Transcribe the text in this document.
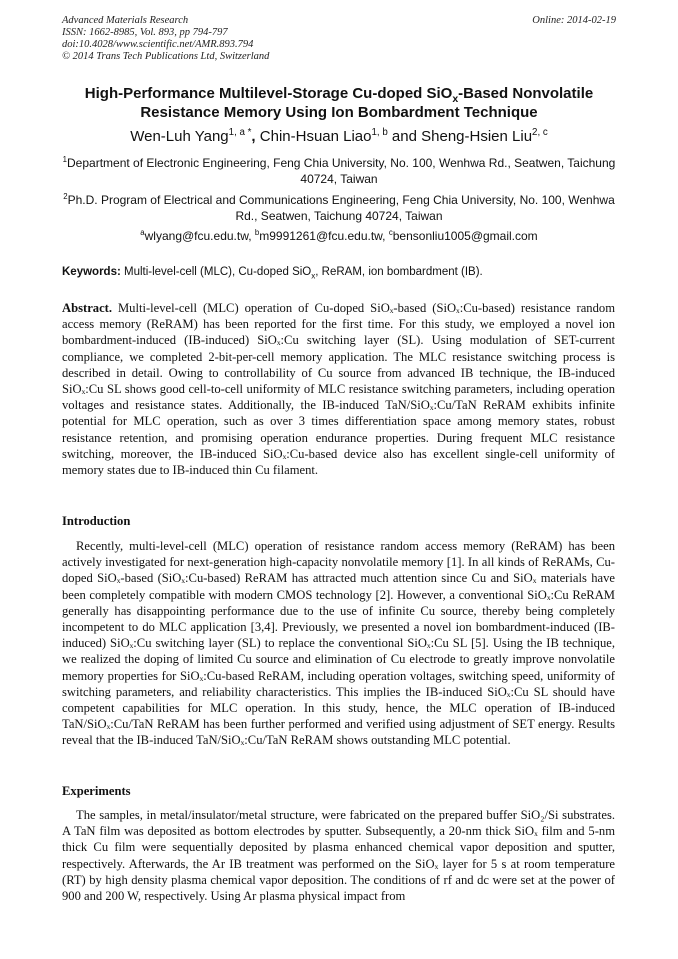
Advanced Materials Research
ISSN: 1662-8985, Vol. 893, pp 794-797
doi:10.4028/www.scientific.net/AMR.893.794
© 2014 Trans Tech Publications Ltd, Switzerland
Online: 2014-02-19
High-Performance Multilevel-Storage Cu-doped SiO$_x$-Based Nonvolatile
Resistance Memory Using Ion Bombardment Technique
Wen-Luh Yang$^{1, a *}$, Chin-Hsuan Liao$^{1, b}$ and Sheng-Hsien Liu$^{2, c}$
$^1$Department of Electronic Engineering, Feng Chia University, No. 100, Wenhwa Rd., Seatwen, Taichung 40724, Taiwan
$^2$Ph.D. Program of Electrical and Communications Engineering, Feng Chia University, No. 100, Wenhwa Rd., Seatwen, Taichung 40724, Taiwan
$^a$wlyang@fcu.edu.tw, $^b$m9991261@fcu.edu.tw, $^c$bensonliu1005@gmail.com
Keywords: Multi-level-cell (MLC), Cu-doped SiO$_x$, ReRAM, ion bombardment (IB).
Abstract. Multi-level-cell (MLC) operation of Cu-doped SiOₓ-based (SiOₓ:Cu-based) resistance random access memory (ReRAM) has been reported for the first time. For this study, we employed a novel ion bombardment-induced (IB-induced) SiOₓ:Cu switching layer (SL). Using modulation of SET-current compliance, we completed 2-bit-per-cell memory application. The MLC resistance switching process is described in detail. Owing to controllability of Cu source from advanced IB technique, the IB-induced SiOₓ:Cu SL shows good cell-to-cell uniformity of MLC resistance switching parameters, including operation voltages and resistance states. Additionally, the IB-induced TaN/SiOₓ:Cu/TaN ReRAM exhibits infinite potential for MLC operation, such as over 3 times differentiation space among memory states, robust resistance retention, and promising operation endurance properties. During frequent MLC resistance switching, moreover, the IB-induced SiOₓ:Cu-based device also has excellent single-cell uniformity of memory states due to IB-induced thin Cu filament.
Introduction
Recently, multi-level-cell (MLC) operation of resistance random access memory (ReRAM) has been actively investigated for next-generation high-capacity nonvolatile memory [1]. In all kinds of ReRAMs, Cu-doped SiOₓ-based (SiOₓ:Cu-based) ReRAM has attracted much attention since Cu and SiOₓ materials have been completely compatible with modern CMOS technology [2]. However, a conventional SiOₓ:Cu ReRAM generally has disappointing performance due to the use of infinite Cu source, thereby being completely incompetent to do MLC application [3,4]. Previously, we presented a novel ion bombardment-induced (IB-induced) SiOₓ:Cu switching layer (SL) to replace the conventional SiOₓ:Cu SL [5]. Using the IB technique, we realized the doping of limited Cu source and elimination of Cu electrode to greatly improve nonvolatile memory properties for SiOₓ:Cu-based ReRAM, including operation voltages, switching speed, uniformity of switching parameters, and reliability characteristics. This implies the IB-induced SiOₓ:Cu SL should have competent capabilities for MLC operation. In this study, hence, the MLC operation of IB-induced TaN/SiOₓ:Cu/TaN ReRAM has been further performed and verified using adjustment of SET energy. Results reveal that the IB-induced TaN/SiOₓ:Cu/TaN ReRAM shows outstanding MLC potential.
Experiments
The samples, in metal/insulator/metal structure, were fabricated on the prepared buffer SiO₂/Si substrates. A TaN film was deposited as bottom electrodes by sputter. Subsequently, a 20-nm thick SiOₓ film and 5-nm thick Cu film were sequentially deposited by plasma enhanced chemical vapor deposition and sputter, respectively. Afterwards, the Ar IB treatment was performed on the SiOₓ layer for 5 s at room temperature (RT) by high density plasma chemical vapor deposition. The conditions of rf and dc were set at the power of 900 and 200 W, respectively. Using Ar plasma physical impact from
